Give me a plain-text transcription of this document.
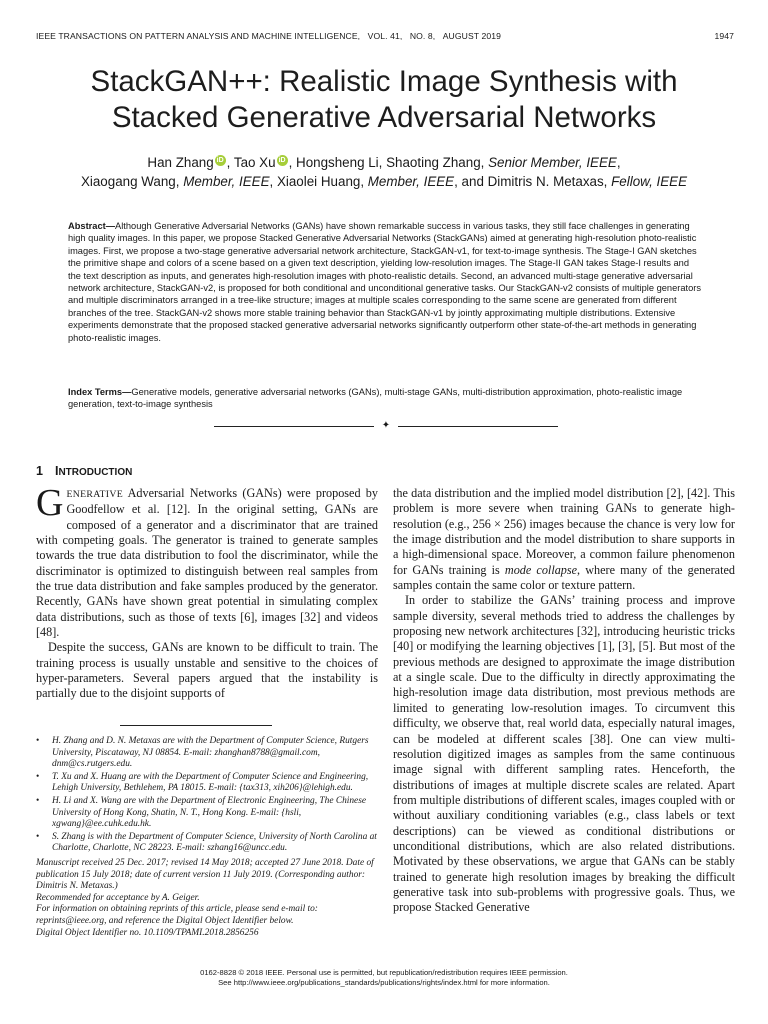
IEEE TRANSACTIONS ON PATTERN ANALYSIS AND MACHINE INTELLIGENCE,   VOL. 41,   NO. 8,   AUGUST 2019	1947
StackGAN++: Realistic Image Synthesis with
Stacked Generative Adversarial Networks
Han Zhang iD , Tao Xu iD , Hongsheng Li, Shaoting Zhang, Senior Member, IEEE,
Xiaogang Wang, Member, IEEE, Xiaolei Huang, Member, IEEE, and Dimitris N. Metaxas, Fellow, IEEE
Abstract—Although Generative Adversarial Networks (GANs) have shown remarkable success in various tasks, they still face challenges in generating high quality images. In this paper, we propose Stacked Generative Adversarial Networks (StackGANs) aimed at generating high-resolution photo-realistic images. First, we propose a two-stage generative adversarial network architecture, StackGAN-v1, for text-to-image synthesis. The Stage-I GAN sketches the primitive shape and colors of a scene based on a given text description, yielding low-resolution images. The Stage-II GAN takes Stage-I results and the text description as inputs, and generates high-resolution images with photo-realistic details. Second, an advanced multi-stage generative adversarial network architecture, StackGAN-v2, is proposed for both conditional and unconditional generative tasks. Our StackGAN-v2 consists of multiple generators and multiple discriminators arranged in a tree-like structure; images at multiple scales corresponding to the same scene are generated from different branches of the tree. StackGAN-v2 shows more stable training behavior than StackGAN-v1 by jointly approximating multiple distributions. Extensive experiments demonstrate that the proposed stacked generative adversarial networks significantly outperform other state-of-the-art methods in generating photo-realistic images.
Index Terms—Generative models, generative adversarial networks (GANs), multi-stage GANs, multi-distribution approximation, photo-realistic image generation, text-to-image synthesis
✦
1 INTRODUCTION

GENERATIVE Adversarial Networks (GANs) were proposed by Goodfellow et al. [12]. In the original setting, GANs are composed of a generator and a discriminator that are trained with competing goals. The generator is trained to generate samples towards the true data distribution to fool the discriminator, while the discriminator is optimized to distinguish between real samples from the true data distribution and fake samples produced by the generator. Recently, GANs have shown great potential in simulating complex data distributions, such as those of texts [6], images [32] and videos [48].

Despite the success, GANs are known to be difficult to train. The training process is usually unstable and sensitive to the choices of hyper-parameters. Several papers argued that the instability is partially due to the disjoint supports of

• H. Zhang and D. N. Metaxas are with the Department of Computer Science, Rutgers University, Piscataway, NJ 08854. E-mail: zhanghan8788@gmail.com, dnm@cs.rutgers.edu.
• T. Xu and X. Huang are with the Department of Computer Science and Engineering, Lehigh University, Bethlehem, PA 18015. E-mail: {tax313, xih206}@lehigh.edu.
• H. Li and X. Wang are with the Department of Electronic Engineering, The Chinese University of Hong Kong, Shatin, N. T., Hong Kong. E-mail: {hsli, xgwang}@ee.cuhk.edu.hk.
• S. Zhang is with the Department of Computer Science, University of North Carolina at Charlotte, Charlotte, NC 28223. E-mail: szhang16@uncc.edu.
Manuscript received 25 Dec. 2017; revised 14 May 2018; accepted 27 June 2018. Date of publication 15 July 2018; date of current version 11 July 2019. (Corresponding author: Dimitris N. Metaxas.)
Recommended for acceptance by A. Geiger.
For information on obtaining reprints of this article, please send e-mail to: reprints@ieee.org, and reference the Digital Object Identifier below.
Digital Object Identifier no. 10.1109/TPAMI.2018.2856256

the data distribution and the implied model distribution [2], [42]. This problem is more severe when training GANs to generate high-resolution (e.g., 256 × 256) images because the chance is very low for the image distribution and the model distribution to share supports in a high-dimensional space. Moreover, a common failure phenomenon for GANs training is mode collapse, where many of the generated samples contain the same color or texture pattern.

In order to stabilize the GANs’ training process and improve sample diversity, several methods tried to address the challenges by proposing new network architectures [32], introducing heuristic tricks [40] or modifying the learning objectives [1], [3], [5]. But most of the previous methods are designed to approximate the image distribution at a single scale. Due to the difficulty in directly approximating the high-resolution image data distribution, most previous methods are limited to generating low-resolution images. To circumvent this difficulty, we observe that, real world data, especially natural images, can be modeled at different scales [38]. One can view multi-resolution digitized images as samples from the same continuous image signal with different sampling rates. Henceforth, the distributions of images at multiple discrete scales are related. Apart from multiple distributions of different scales, images coupled with or without auxiliary conditioning variables (e.g., class labels or text descriptions) can be viewed as conditional distributions or unconditional distributions, which are also related distributions. Motivated by these observations, we argue that GANs can be stably trained to generate high resolution images by breaking the difficult generative task into sub-problems with progressive goals. Thus, we propose Stacked Generative

0162-8828 © 2018 IEEE. Personal use is permitted, but republication/redistribution requires IEEE permission.
See http://www.ieee.org/publications_standards/publications/rights/index.html for more information.
